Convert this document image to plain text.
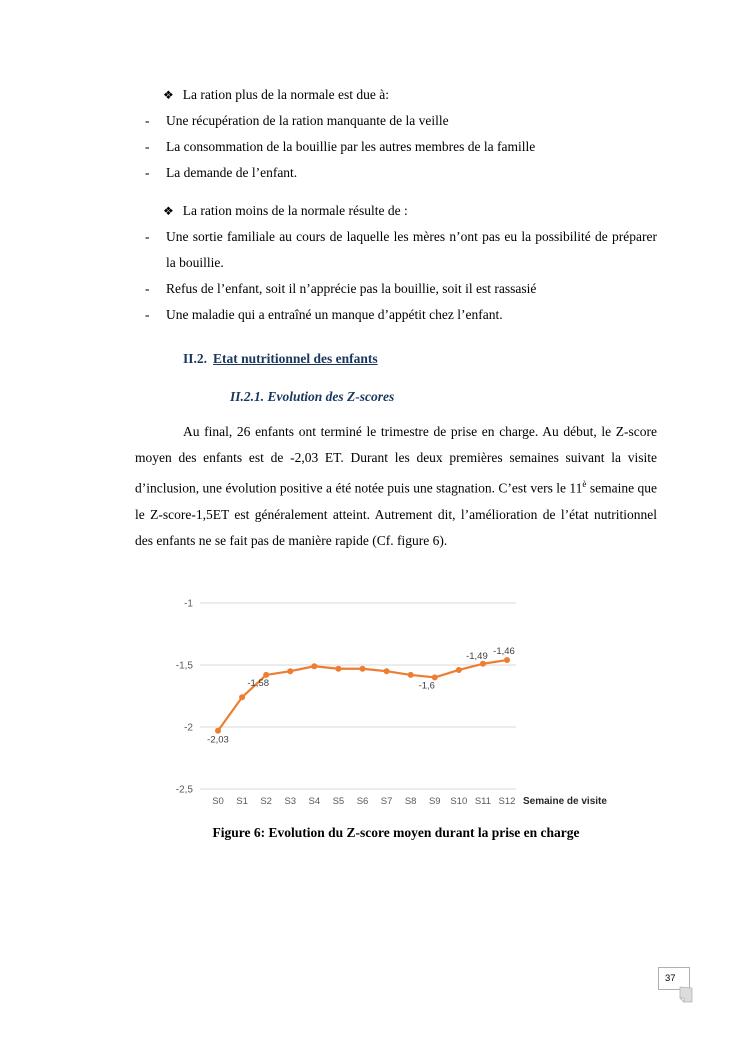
❖ La ration plus de la normale est due à:
-	Une récupération de la ration manquante de la veille
-	La consommation de la bouillie par les autres membres de la famille
-	La demande de l’enfant.
❖ La ration moins de la normale résulte de :
-	Une sortie familiale au cours de laquelle les mères n’ont pas eu la possibilité de préparer la bouillie.
-	Refus de l’enfant, soit il n’apprécie pas la bouillie, soit il est rassasié
-	Une maladie qui a entraîné un manque d’appétit chez l’enfant.
II.2. Etat nutritionnel des enfants
II.2.1. Evolution des Z-scores

Au final, 26 enfants ont terminé le trimestre de prise en charge. Au début, le Z-score moyen des enfants est de -2,03 ET. Durant les deux premières semaines suivant la visite d’inclusion, une évolution positive a été notée puis une stagnation. C’est vers le $11^è$ semaine que le Z-score-1,5ET est généralement atteint. Autrement dit, l’amélioration de l’état nutritionnel des enfants ne se fait pas de manière rapide (Cf. figure 6).

-1
-1,5
-2
-2,5
S0 S1 S2 S3 S4 S5 S6 S7 S8 S9 S10 S11 S12 Semaine de visite
-2,03
-1,58	-1,6
-1,49 -1,46
Figure 6: Evolution du Z-score moyen durant la prise en charge
37
